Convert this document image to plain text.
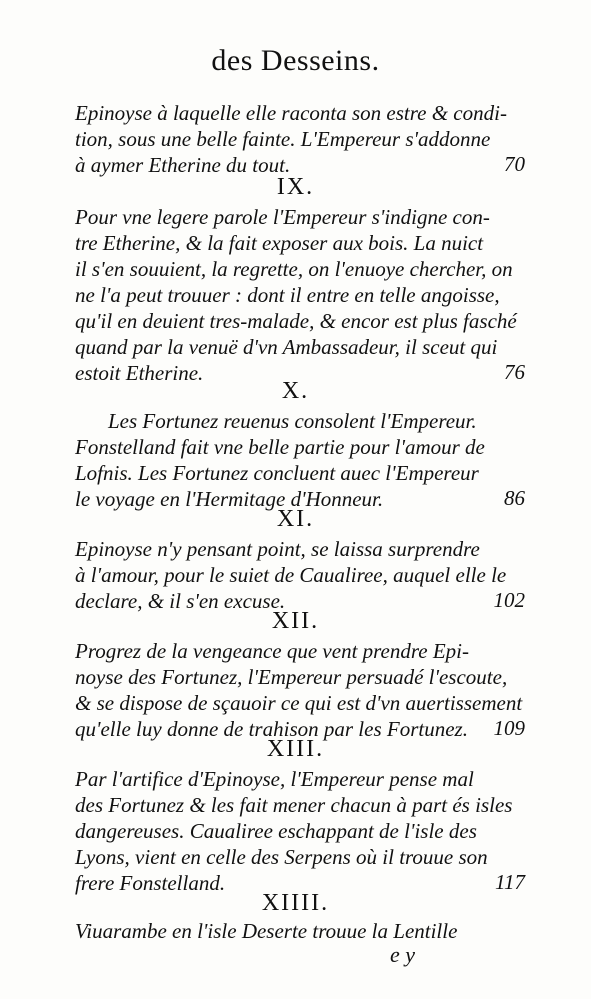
des Desseins.
Epinoyse à laquelle elle raconta son estre & condi-
tion, sous une belle fainte. L'Empereur s'addonne
à aymer Etherine du tout.	70
IX.
Pour vne legere parole l'Empereur s'indigne con-
tre Etherine, & la fait exposer aux bois. La nuict
il s'en souuient, la regrette, on l'enuoye chercher, on
ne l'a peut trouuer : dont il entre en telle angoisse,
qu'il en deuient tres-malade, & encor est plus fasché
quand par la venuë d'vn Ambassadeur, il sceut qui
estoit Etherine.	76
X.
Les Fortunez reuenus consolent l'Empereur.
Fonstelland fait vne belle partie pour l'amour de
Lofnis. Les Fortunez concluent auec l'Empereur
le voyage en l'Hermitage d'Honneur.	86
XI.
Epinoyse n'y pensant point, se laissa surprendre
à l'amour, pour le suiet de Caualiree, auquel elle le
declare, & il s'en excuse.	102
XII.
Progrez de la vengeance que vent prendre Epi-
noyse des Fortunez, l'Empereur persuadé l'escoute,
& se dispose de sçauoir ce qui est d'vn auertissement
qu'elle luy donne de trahison par les Fortunez.	109
XIII.
Par l'artifice d'Epinoyse, l'Empereur pense mal
des Fortunez & les fait mener chacun à part és isles
dangereuses. Caualiree eschappant de l'isle des
Lyons, vient en celle des Serpens où il trouue son
frere Fonstelland.	117
XIIII.
Viuarambe en l'isle Deserte trouue la Lentille
e y
